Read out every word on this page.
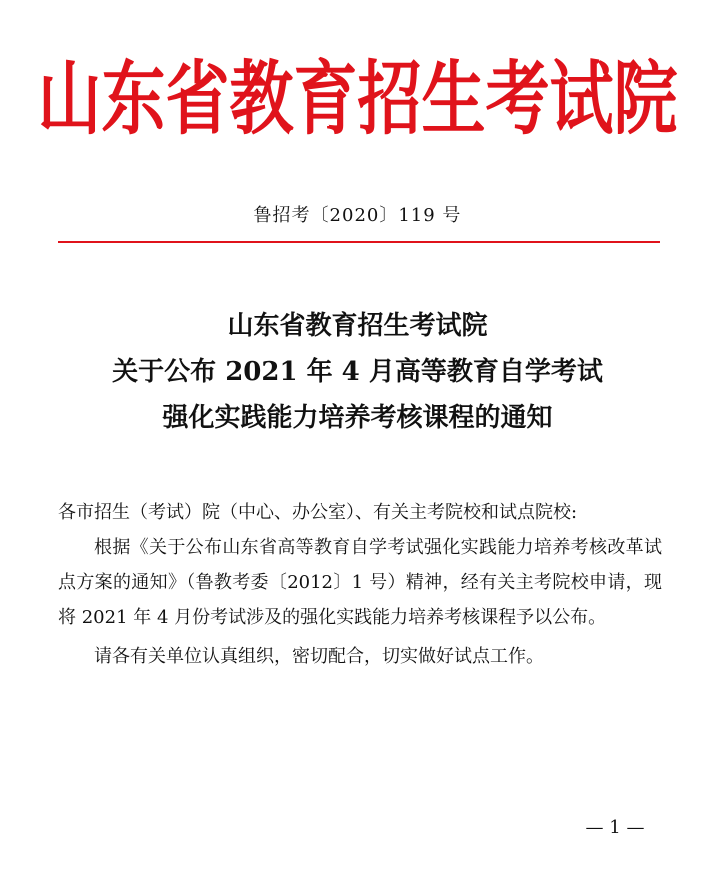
山东省教育招生考试院
鲁招考〔2020〕119 号
山东省教育招生考试院
关于公布 2021 年 4 月高等教育自学考试
强化实践能力培养考核课程的通知

各市招生（考试）院（中心、办公室）、有关主考院校和试点院校:

根据《关于公布山东省高等教育自学考试强化实践能力培养考核改革试点方案的通知》（鲁教考委〔2012〕1 号）精神，经有关主考院校申请，现将 2021 年 4 月份考试涉及的强化实践能力培养考核课程予以公布。

请各有关单位认真组织，密切配合，切实做好试点工作。

— 1 —
